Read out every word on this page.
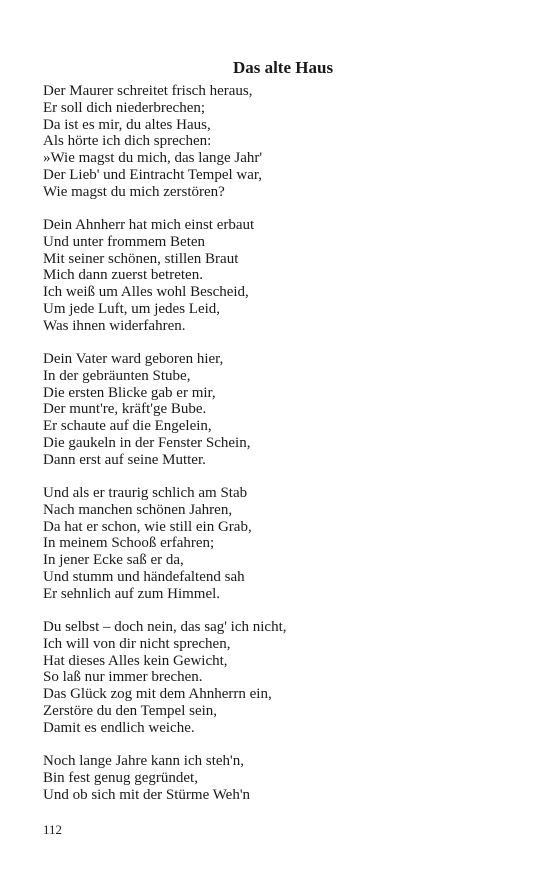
Das alte Haus
Der Maurer schreitet frisch heraus,
Er soll dich niederbrechen;
Da ist es mir, du altes Haus,
Als hörte ich dich sprechen:
»Wie magst du mich, das lange Jahr'
Der Lieb' und Eintracht Tempel war,
Wie magst du mich zerstören?
Dein Ahnherr hat mich einst erbaut
Und unter frommem Beten
Mit seiner schönen, stillen Braut
Mich dann zuerst betreten.
Ich weiß um Alles wohl Bescheid,
Um jede Luft, um jedes Leid,
Was ihnen widerfahren.
Dein Vater ward geboren hier,
In der gebräunten Stube,
Die ersten Blicke gab er mir,
Der munt're, kräft'ge Bube.
Er schaute auf die Engelein,
Die gaukeln in der Fenster Schein,
Dann erst auf seine Mutter.
Und als er traurig schlich am Stab
Nach manchen schönen Jahren,
Da hat er schon, wie still ein Grab,
In meinem Schooß erfahren;
In jener Ecke saß er da,
Und stumm und händefaltend sah
Er sehnlich auf zum Himmel.
Du selbst – doch nein, das sag' ich nicht,
Ich will von dir nicht sprechen,
Hat dieses Alles kein Gewicht,
So laß nur immer brechen.
Das Glück zog mit dem Ahnherrn ein,
Zerstöre du den Tempel sein,
Damit es endlich weiche.
Noch lange Jahre kann ich steh'n,
Bin fest genug gegründet,
Und ob sich mit der Stürme Weh'n
112
